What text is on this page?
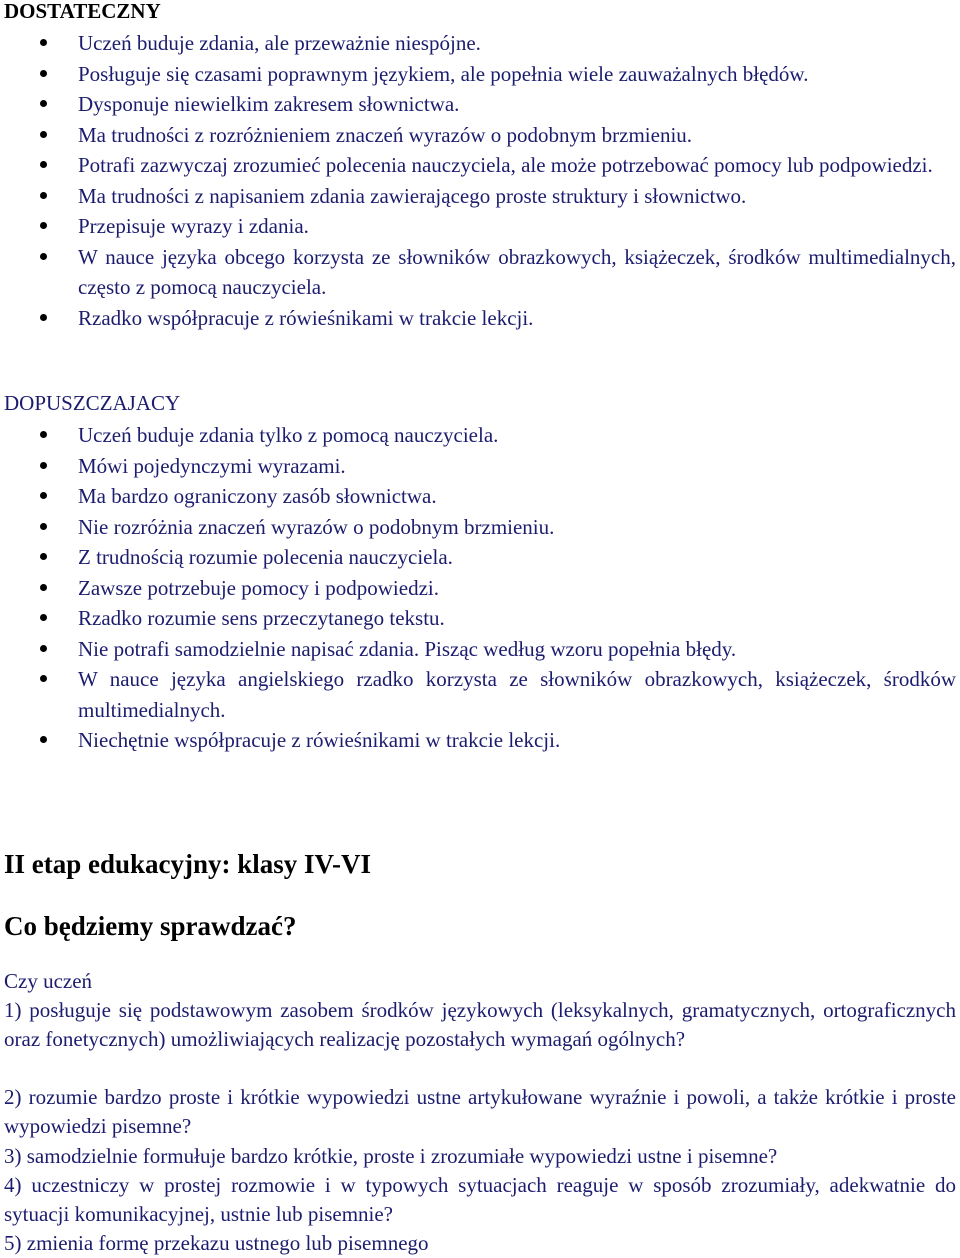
DOSTATECZNY
Uczeń buduje zdania, ale przeważnie niespójne.
Posługuje się czasami poprawnym językiem, ale popełnia wiele zauważalnych błędów.
Dysponuje niewielkim zakresem słownictwa.
Ma trudności z rozróżnieniem znaczeń wyrazów o podobnym brzmieniu.
Potrafi zazwyczaj zrozumieć polecenia nauczyciela, ale może potrzebować pomocy lub podpowiedzi.
Ma trudności z napisaniem zdania zawierającego proste struktury i słownictwo.
Przepisuje wyrazy i zdania.
W nauce języka obcego korzysta ze słowników obrazkowych, książeczek, środków multimedialnych, często z pomocą nauczyciela.
Rzadko współpracuje z rówieśnikami w trakcie lekcji.
DOPUSZCZAJACY
Uczeń buduje zdania tylko z pomocą nauczyciela.
Mówi pojedynczymi wyrazami.
Ma bardzo ograniczony zasób słownictwa.
Nie rozróżnia znaczeń wyrazów o podobnym brzmieniu.
Z trudnością rozumie polecenia nauczyciela.
Zawsze potrzebuje pomocy i podpowiedzi.
Rzadko rozumie sens przeczytanego tekstu.
Nie potrafi samodzielnie napisać zdania. Pisząc według wzoru popełnia błędy.
W nauce języka angielskiego rzadko korzysta ze słowników obrazkowych, książeczek, środków multimedialnych.
Niechętnie współpracuje z rówieśnikami w trakcie lekcji.
II etap edukacyjny: klasy IV-VI
Co będziemy sprawdzać?
Czy uczeń
1) posługuje się podstawowym zasobem środków językowych (leksykalnych, gramatycznych, ortograficznych oraz fonetycznych) umożliwiających realizację pozostałych wymagań ogólnych?
2) rozumie bardzo proste i krótkie wypowiedzi ustne artykułowane wyraźnie i powoli, a także krótkie i proste wypowiedzi pisemne?
3) samodzielnie formułuje bardzo krótkie, proste i zrozumiałe wypowiedzi ustne i pisemne?
4) uczestniczy w prostej rozmowie i w typowych sytuacjach reaguje w sposób zrozumiały, adekwatnie do sytuacji komunikacyjnej, ustnie lub pisemnie?
5) zmienia formę przekazu ustnego lub pisemnego
